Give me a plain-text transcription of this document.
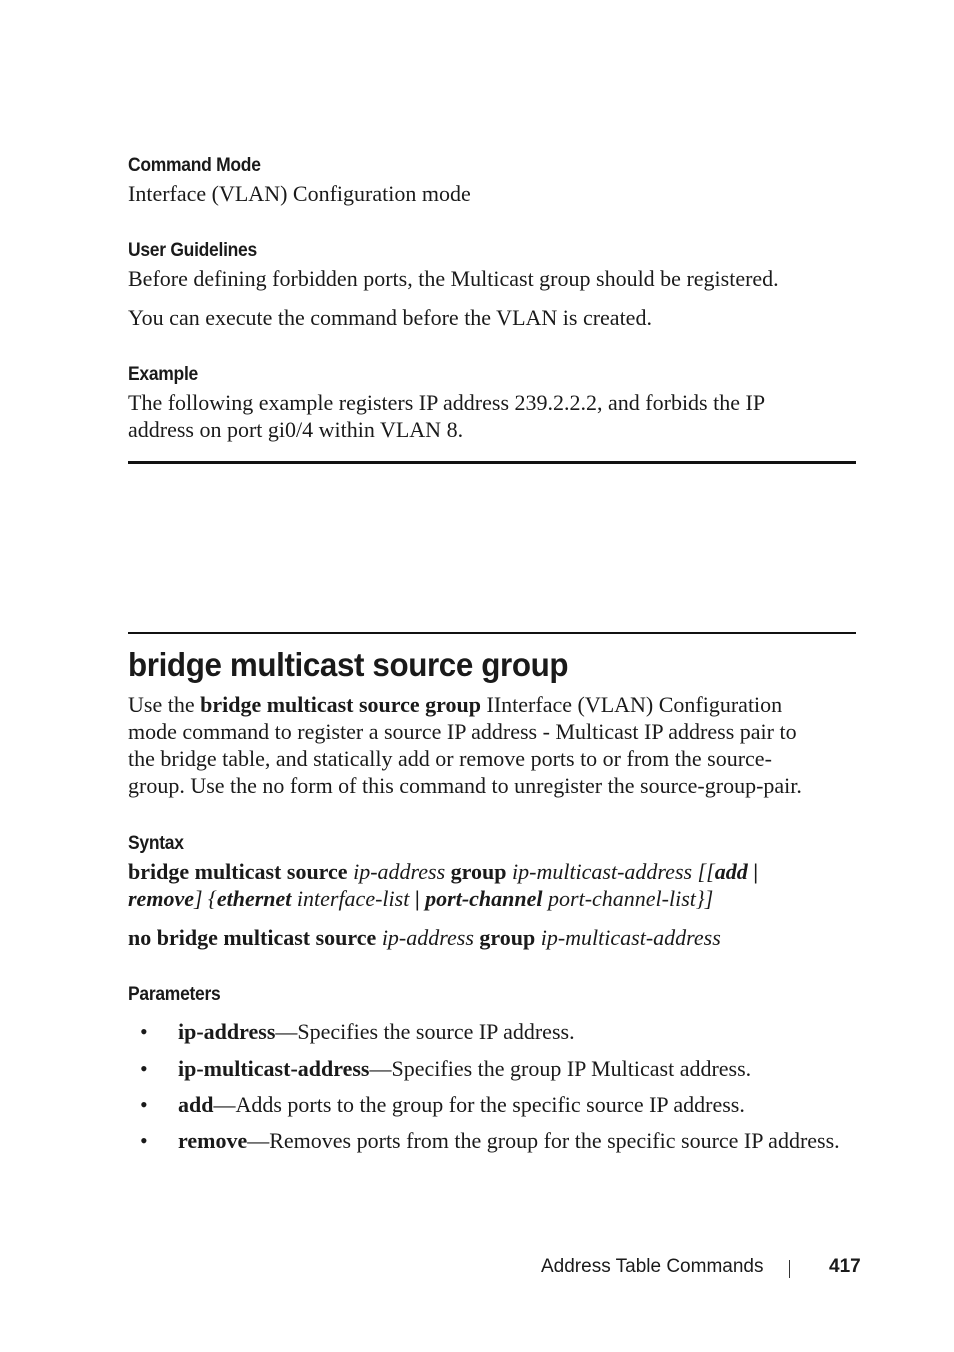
Command Mode
Interface (VLAN) Configuration mode
User Guidelines
Before defining forbidden ports, the Multicast group should be registered.
You can execute the command before the VLAN is created.
Example
The following example registers IP address 239.2.2.2, and forbids the IP
address on port gi0/4 within VLAN 8.
bridge multicast source group
Use the bridge multicast source group IInterface (VLAN) Configuration
mode command to register a source IP address - Multicast IP address pair to
the bridge table, and statically add or remove ports to or from the source-
group. Use the no form of this command to unregister the source-group-pair.
Syntax
bridge multicast source ip-address group ip-multicast-address [[add |
remove] {ethernet interface-list | port-channel port-channel-list}]
no bridge multicast source ip-address group ip-multicast-address
Parameters
• ip-address—Specifies the source IP address.
• ip-multicast-address—Specifies the group IP Multicast address.
• add—Adds ports to the group for the specific source IP address.
• remove—Removes ports from the group for the specific source IP address.
Address Table Commands	417
